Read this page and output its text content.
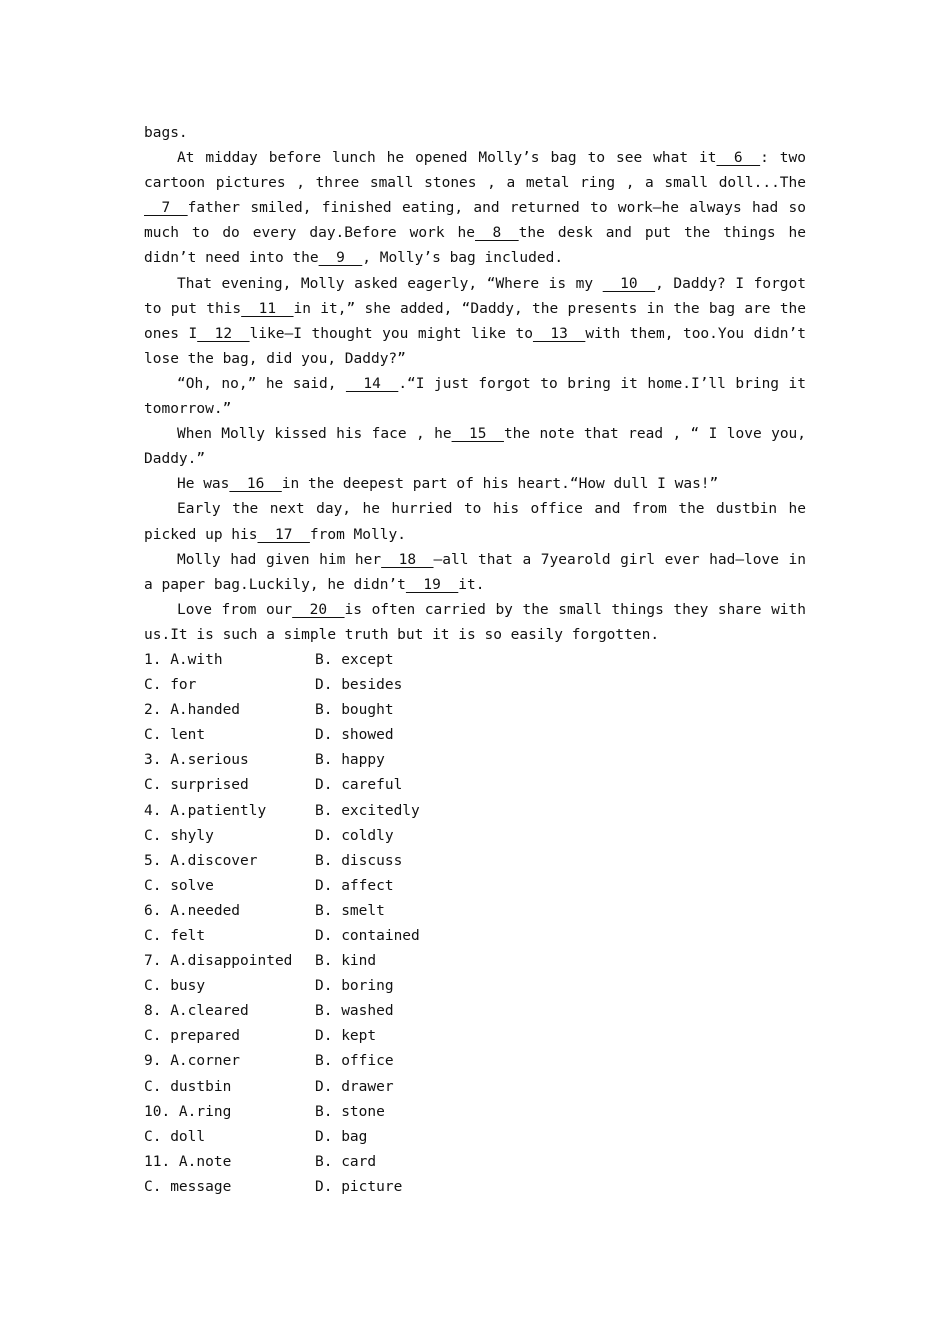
bags.

At midday before lunch he opened Molly’s bag to see what it  6  : two cartoon pictures , three small stones , a metal ring , a small doll...The  7  father smiled, finished eating, and returned to work—he always had so much to do every day.Before work he  8  the desk and put the things he didn’t need into the  9  , Molly’s bag included.

That evening, Molly asked eagerly, “Where is my   10  , Daddy? I forgot to put this  11  in it,” she added, “Daddy, the presents in the bag are the ones I  12  like—I thought you might like to  13  with them, too.You didn’t lose the bag, did you, Daddy?”

“Oh, no,” he said,   14  .“I just forgot to bring it home.I’ll bring it tomorrow.”

When Molly kissed his face , he  15  the note that read , “ I love you, Daddy.”

He was  16  in the deepest part of his heart.“How dull I was!”

Early the next day, he hurried to his office and from the dustbin he picked up his  17  from Molly.

Molly had given him her  18  —all that a 7yearold girl ever had—love in a paper bag.Luckily, he didn’t  19  it.

Love from our  20  is often carried by the small things they share with us.It is such a simple truth but it is so easily forgotten.

1. A.with	B. except
C. for	D. besides
2. A.handed	B. bought
C. lent	D. showed
3. A.serious	B. happy
C. surprised	D. careful
4. A.patiently	B. excitedly
C. shyly	D. coldly
5. A.discover	B. discuss
C. solve	D. affect
6. A.needed	B. smelt
C. felt	D. contained
7. A.disappointed	B. kind
C. busy	D. boring
8. A.cleared	B. washed
C. prepared	D. kept
9. A.corner	B. office
C. dustbin	D. drawer
10. A.ring	B. stone
C. doll	D. bag
11. A.note	B. card
C. message	D. picture
